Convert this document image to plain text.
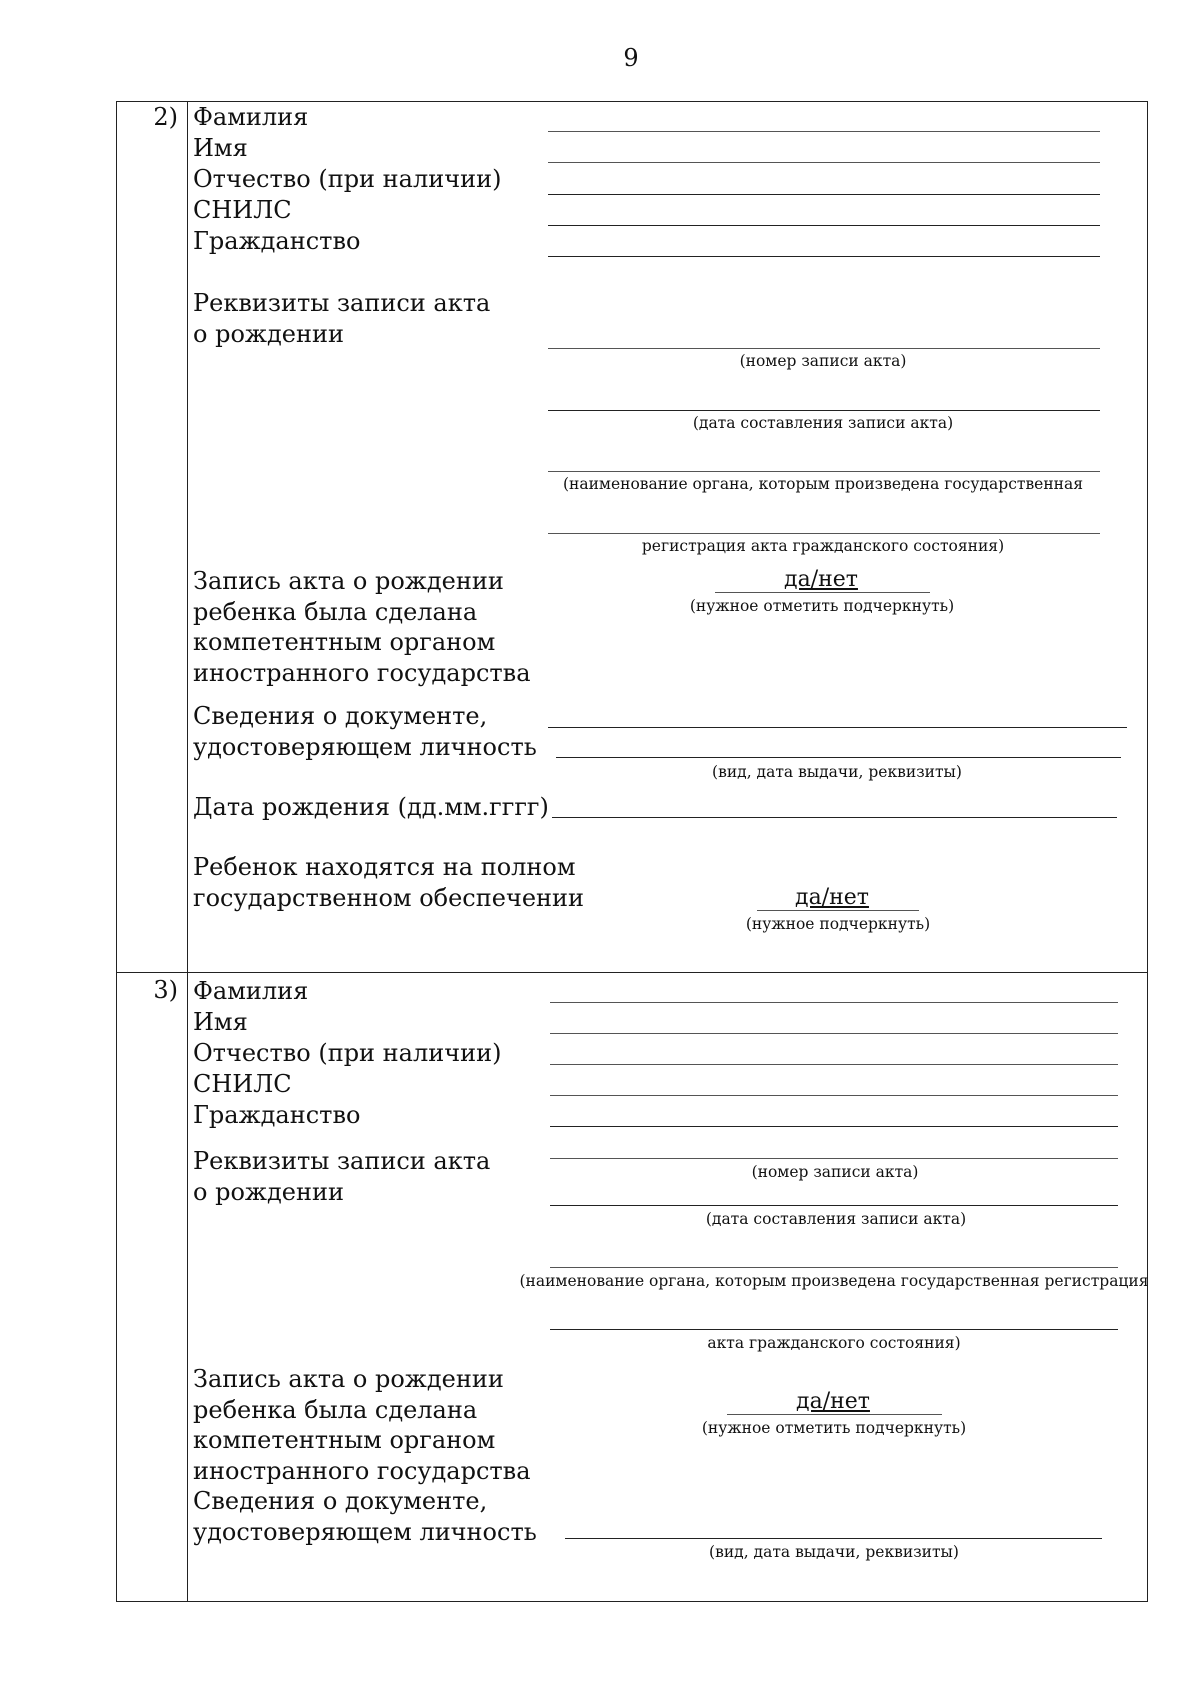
9
2) Фамилия
Имя
Отчество (при наличии)
СНИЛС
Гражданство
Реквизиты записи акта
о рождении
(номер записи акта)
(дата составления записи акта)
(наименование органа, которым произведена государственная
регистрация акта гражданского состояния)
Запись акта о рождении
ребенка была сделана
компетентным органом
иностранного государства
да/нет
(нужное отметить подчеркнуть)
Сведения о документе,
удостоверяющем личность
(вид, дата выдачи, реквизиты)
Дата рождения (дд.мм.гггг)
Ребенок находятся на полном
государственном обеспечении	да/нет
(нужное подчеркнуть)
3) Фамилия
Имя
Отчество (при наличии)
СНИЛС
Гражданство
Реквизиты записи акта
о рождении
(номер записи акта)
(дата составления записи акта)
(наименование органа, которым произведена государственная регистрация
акта гражданского состояния)
Запись акта о рождении
ребенка была сделана
компетентным органом
иностранного государства
да/нет
(нужное отметить подчеркнуть)
Сведения о документе,
удостоверяющем личность
(вид, дата выдачи, реквизиты)
